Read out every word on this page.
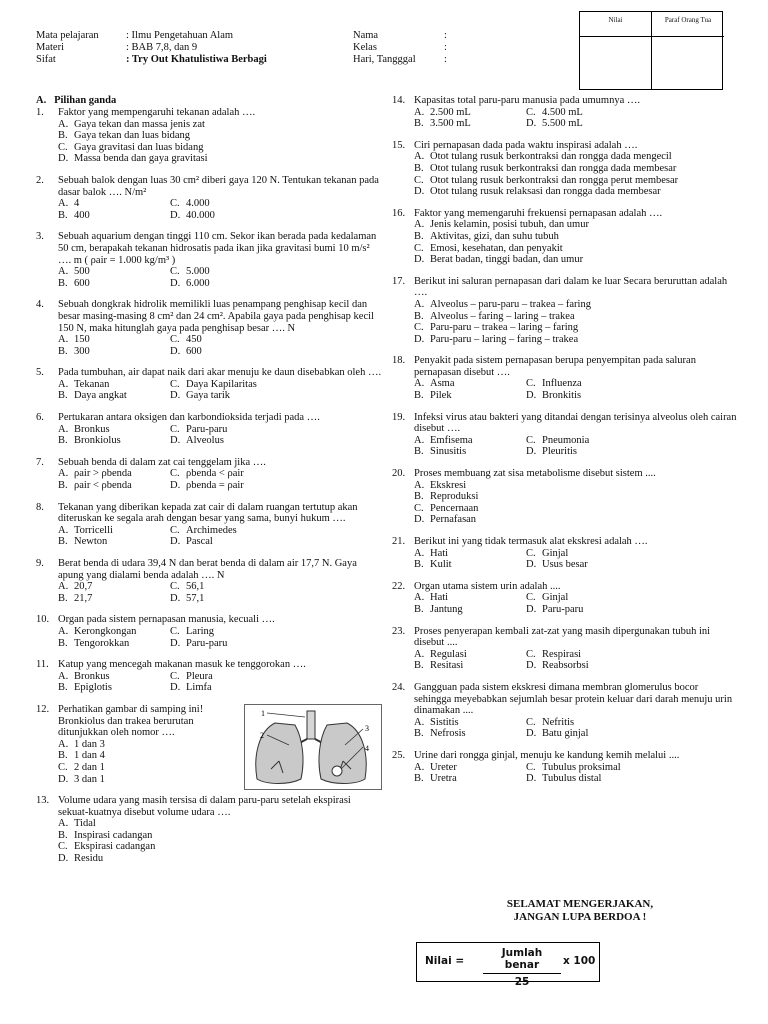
Mata pelajaran	: Ilmu Pengetahuan Alam	Nama	:
Materi	: BAB 7,8, dan 9	Kelas	:
Sifat	: Try Out Khatulistiwa Berbagi	Hari, Tangggal	:
Nilai	Paraf Orang Tua
A.   Pilihan ganda
1.	Faktor yang mempengaruhi tekanan adalah ….
A. Gaya tekan dan massa jenis zat
B. Gaya tekan dan luas bidang
C. Gaya gravitasi dan luas bidang
D. Massa benda dan gaya gravitasi
2.	Sebuah balok dengan luas 30 cm² diberi gaya 120 N. Tentukan tekanan pada dasar balok …. N/m²
A. 4	C. 4.000
B. 400	D. 40.000
3.	Sebuah aquarium dengan tinggi 110 cm. Sekor ikan berada pada kedalaman 50 cm, berapakah tekanan hidrosatis pada ikan jika gravitasi bumi 10 m/s² …. m ( ρair = 1.000 kg/m³ )
A. 500	C. 5.000
B. 600	D. 6.000
4.	Sebuah dongkrak hidrolik memilikli luas penampang penghisap kecil dan besar masing-masing 8 cm² dan 24 cm². Apabila gaya pada penghisap kecil 150 N, maka hitunglah gaya pada penghisap besar …. N
A. 150	C. 450
B. 300	D. 600
5.	Pada tumbuhan, air dapat naik dari akar menuju ke daun disebabkan oleh ….
A. Tekanan	C. Daya Kapilaritas
B. Daya angkat	D. Gaya tarik
6.	Pertukaran antara oksigen dan karbondioksida terjadi pada ….
A. Bronkus	C. Paru-paru
B. Bronkiolus	D. Alveolus
7.	Sebuah benda di dalam zat cai tenggelam jika ….
A. ρair > ρbenda	C. ρbenda < ρair
B. ρair < ρbenda	D. ρbenda = ρair
8.	Tekanan yang diberikan kepada zat cair di dalam ruangan tertutup akan diteruskan ke segala arah dengan besar yang sama, bunyi hukum ….
A. Torricelli	C. Archimedes
B. Newton	D. Pascal
9.	Berat benda di udara 39,4 N dan berat benda di dalam air 17,7 N. Gaya apung yang dialami benda adalah …. N
A. 20,7	C. 56,1
B. 21,7	D. 57,1
10. Organ pada sistem pernapasan manusia, kecuali ….
A. Kerongkongan	C. Laring
B. Tengorokkan	D. Paru-paru
11. Katup yang mencegah makanan masuk ke tenggorokan ….
A. Bronkus	C. Pleura
B. Epiglotis	D. Limfa
12. Perhatikan gambar di samping ini! Bronkiolus dan trakea berurutan ditunjukkan oleh nomor ….
A. 1 dan 3
B. 1 dan 4
C. 2 dan 1
D. 3 dan 1
1
2
3
4
13. Volume udara yang masih tersisa di dalam paru-paru setelah ekspirasi sekuat-kuatnya disebut volume udara ….
A. Tidal
B. Inspirasi cadangan
C. Ekspirasi cadangan
D. Residu
14. Kapasitas total paru-paru manusia pada umumnya ….
A. 2.500 mL	C. 4.500 mL
B. 3.500 mL	D. 5.500 mL
15. Ciri pernapasan dada pada waktu inspirasi adalah ….
A. Otot tulang rusuk berkontraksi dan rongga dada mengecil
B. Otot tulang rusuk berkontraksi dan rongga dada membesar
C. Otot tulang rusuk berkontraksi dan rongga perut membesar
D. Otot tulang rusuk relaksasi dan rongga dada membesar
16. Faktor yang memengaruhi frekuensi pernapasan adalah ….
A. Jenis kelamin, posisi tubuh, dan umur
B. Aktivitas, gizi, dan suhu tubuh
C. Emosi, kesehatan, dan penyakit
D. Berat badan, tinggi badan, dan umur
17. Berikut ini saluran pernapasan dari dalam ke luar Secara beruruttan adalah ….
A. Alveolus – paru-paru – trakea – faring
B. Alveolus – faring – laring – trakea
C. Paru-paru – trakea – laring – faring
D. Paru-paru – laring – faring – trakea
18. Penyakit pada sistem pernapasan berupa penyempitan pada saluran pernapasan disebut ….
A. Asma	C. Influenza
B. Pilek	D. Bronkitis
19. Infeksi virus atau bakteri yang ditandai dengan terisinya alveolus oleh cairan disebut ….
A. Emfisema	C. Pneumonia
B. Sinusitis	D. Pleuritis
20. Proses membuang zat sisa metabolisme disebut sistem ....
A. Ekskresi
B. Reproduksi
C. Pencernaan
D. Pernafasan
21. Berikut ini yang tidak termasuk alat ekskresi adalah ….
A. Hati	C. Ginjal
B. Kulit	D. Usus besar
22. Organ utama sistem urin adalah ....
A. Hati	C. Ginjal
B. Jantung	D. Paru-paru
23. Proses penyerapan kembali zat-zat yang masih dipergunakan tubuh ini disebut ....
A. Regulasi	C. Respirasi
B. Resitasi	D. Reabsorbsi
24. Gangguan pada sistem ekskresi dimana membran glomerulus bocor sehingga meyebabkan sejumlah besar protein keluar dari darah menuju urin dinamakan ....
A. Sistitis	C. Nefritis
B. Nefrosis	D. Batu ginjal
25. Urine dari rongga ginjal, menuju ke kandung kemih melalui ....
A. Ureter	C. Tubulus proksimal
B. Uretra	D. Tubulus distal
SELAMAT MENGERJAKAN,
JANGAN LUPA BERDOA !
Nilai =
Jumlah benar
25
x 100
